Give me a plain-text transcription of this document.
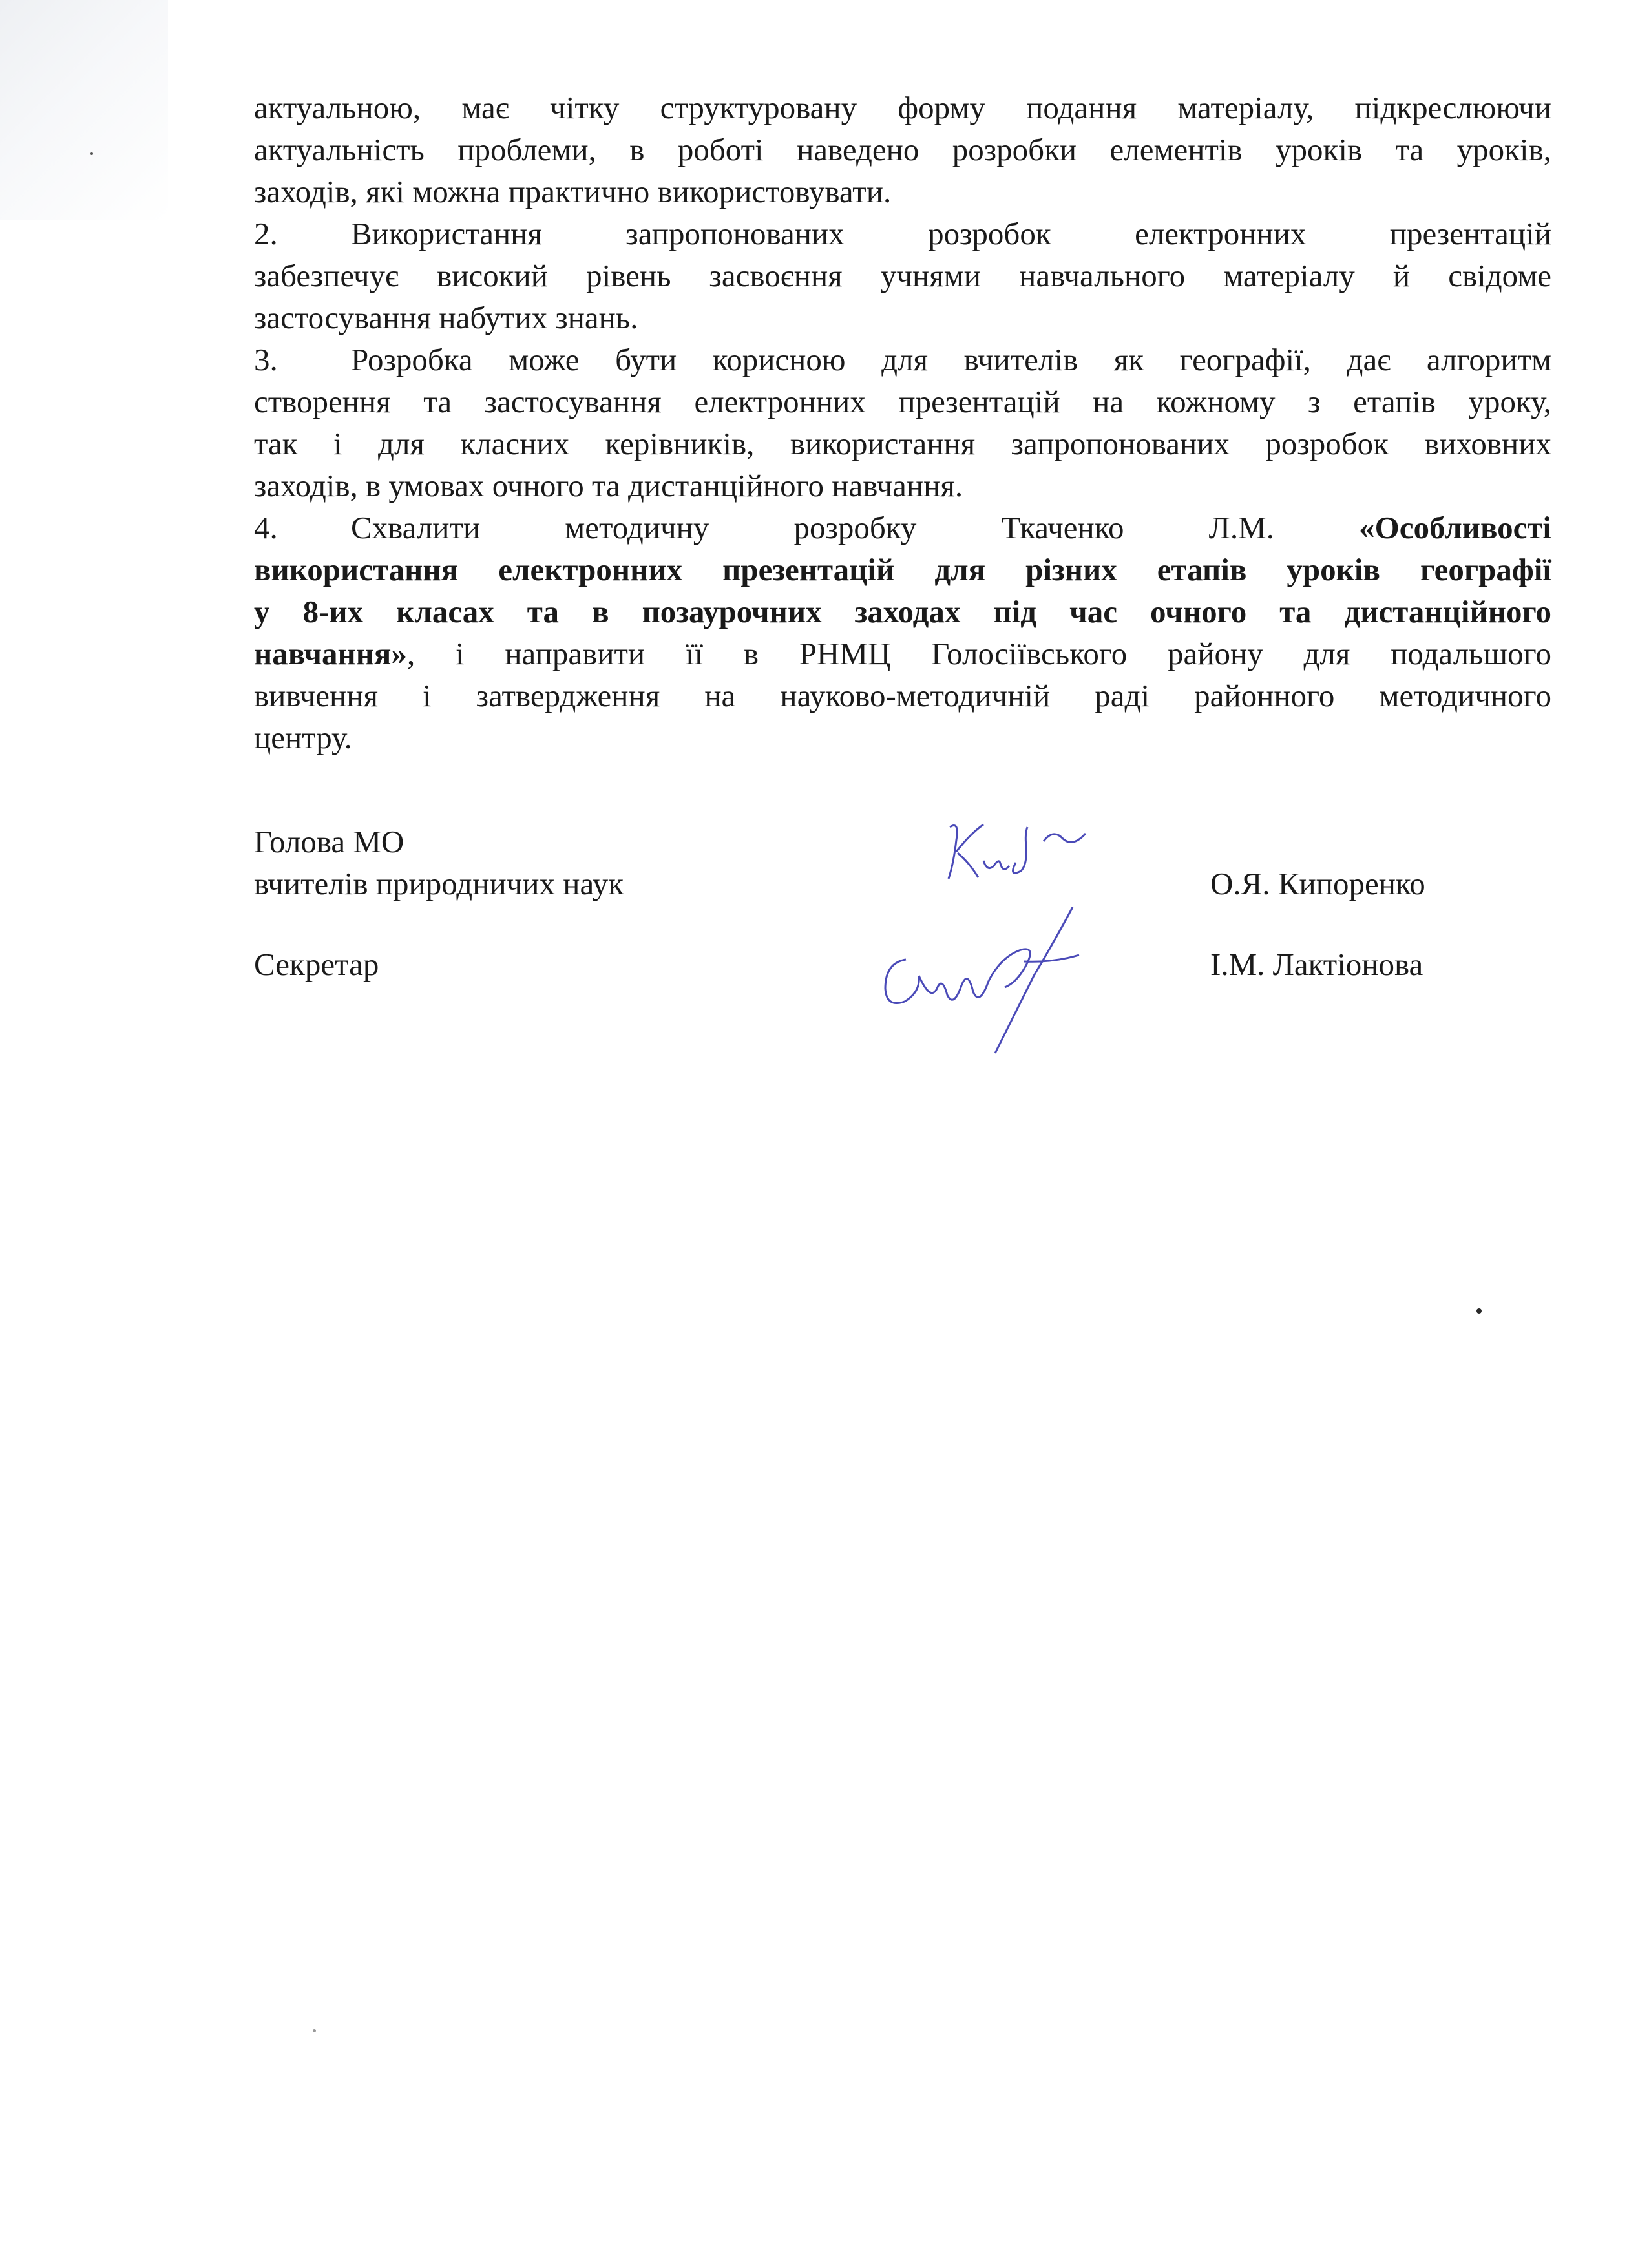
актуальною, має чітку структуровану форму подання матеріалу, підкреслюючи

актуальність проблеми, в роботі наведено розробки елементів уроків та уроків,

заходів, які можна практично використовувати.

2. Використання запропонованих розробок електронних презентацій

забезпечує високий рівень засвоєння учнями навчального матеріалу й свідоме

застосування набутих знань.

3. Розробка може бути корисною для вчителів як географії, дає алгоритм

створення та застосування електронних презентацій на кожному з етапів уроку,

так і для класних керівників, використання запропонованих розробок виховних

заходів, в умовах очного та дистанційного навчання.

4. Схвалити методичну розробку Ткаченко Л.М.	«Особливості

використання електронних презентацій для різних етапів уроків географії

у 8-их класах та в позаурочних заходах під час очного та дистанційного

навчання», і направити її в РНМЦ Голосіївського району для подальшого

вивчення і затвердження на науково-методичній раді районного методичного

центру.

Голова МО
вчителів природничих наук	О.Я. Кипоренко
Секретар	І.М. Лактіонова
